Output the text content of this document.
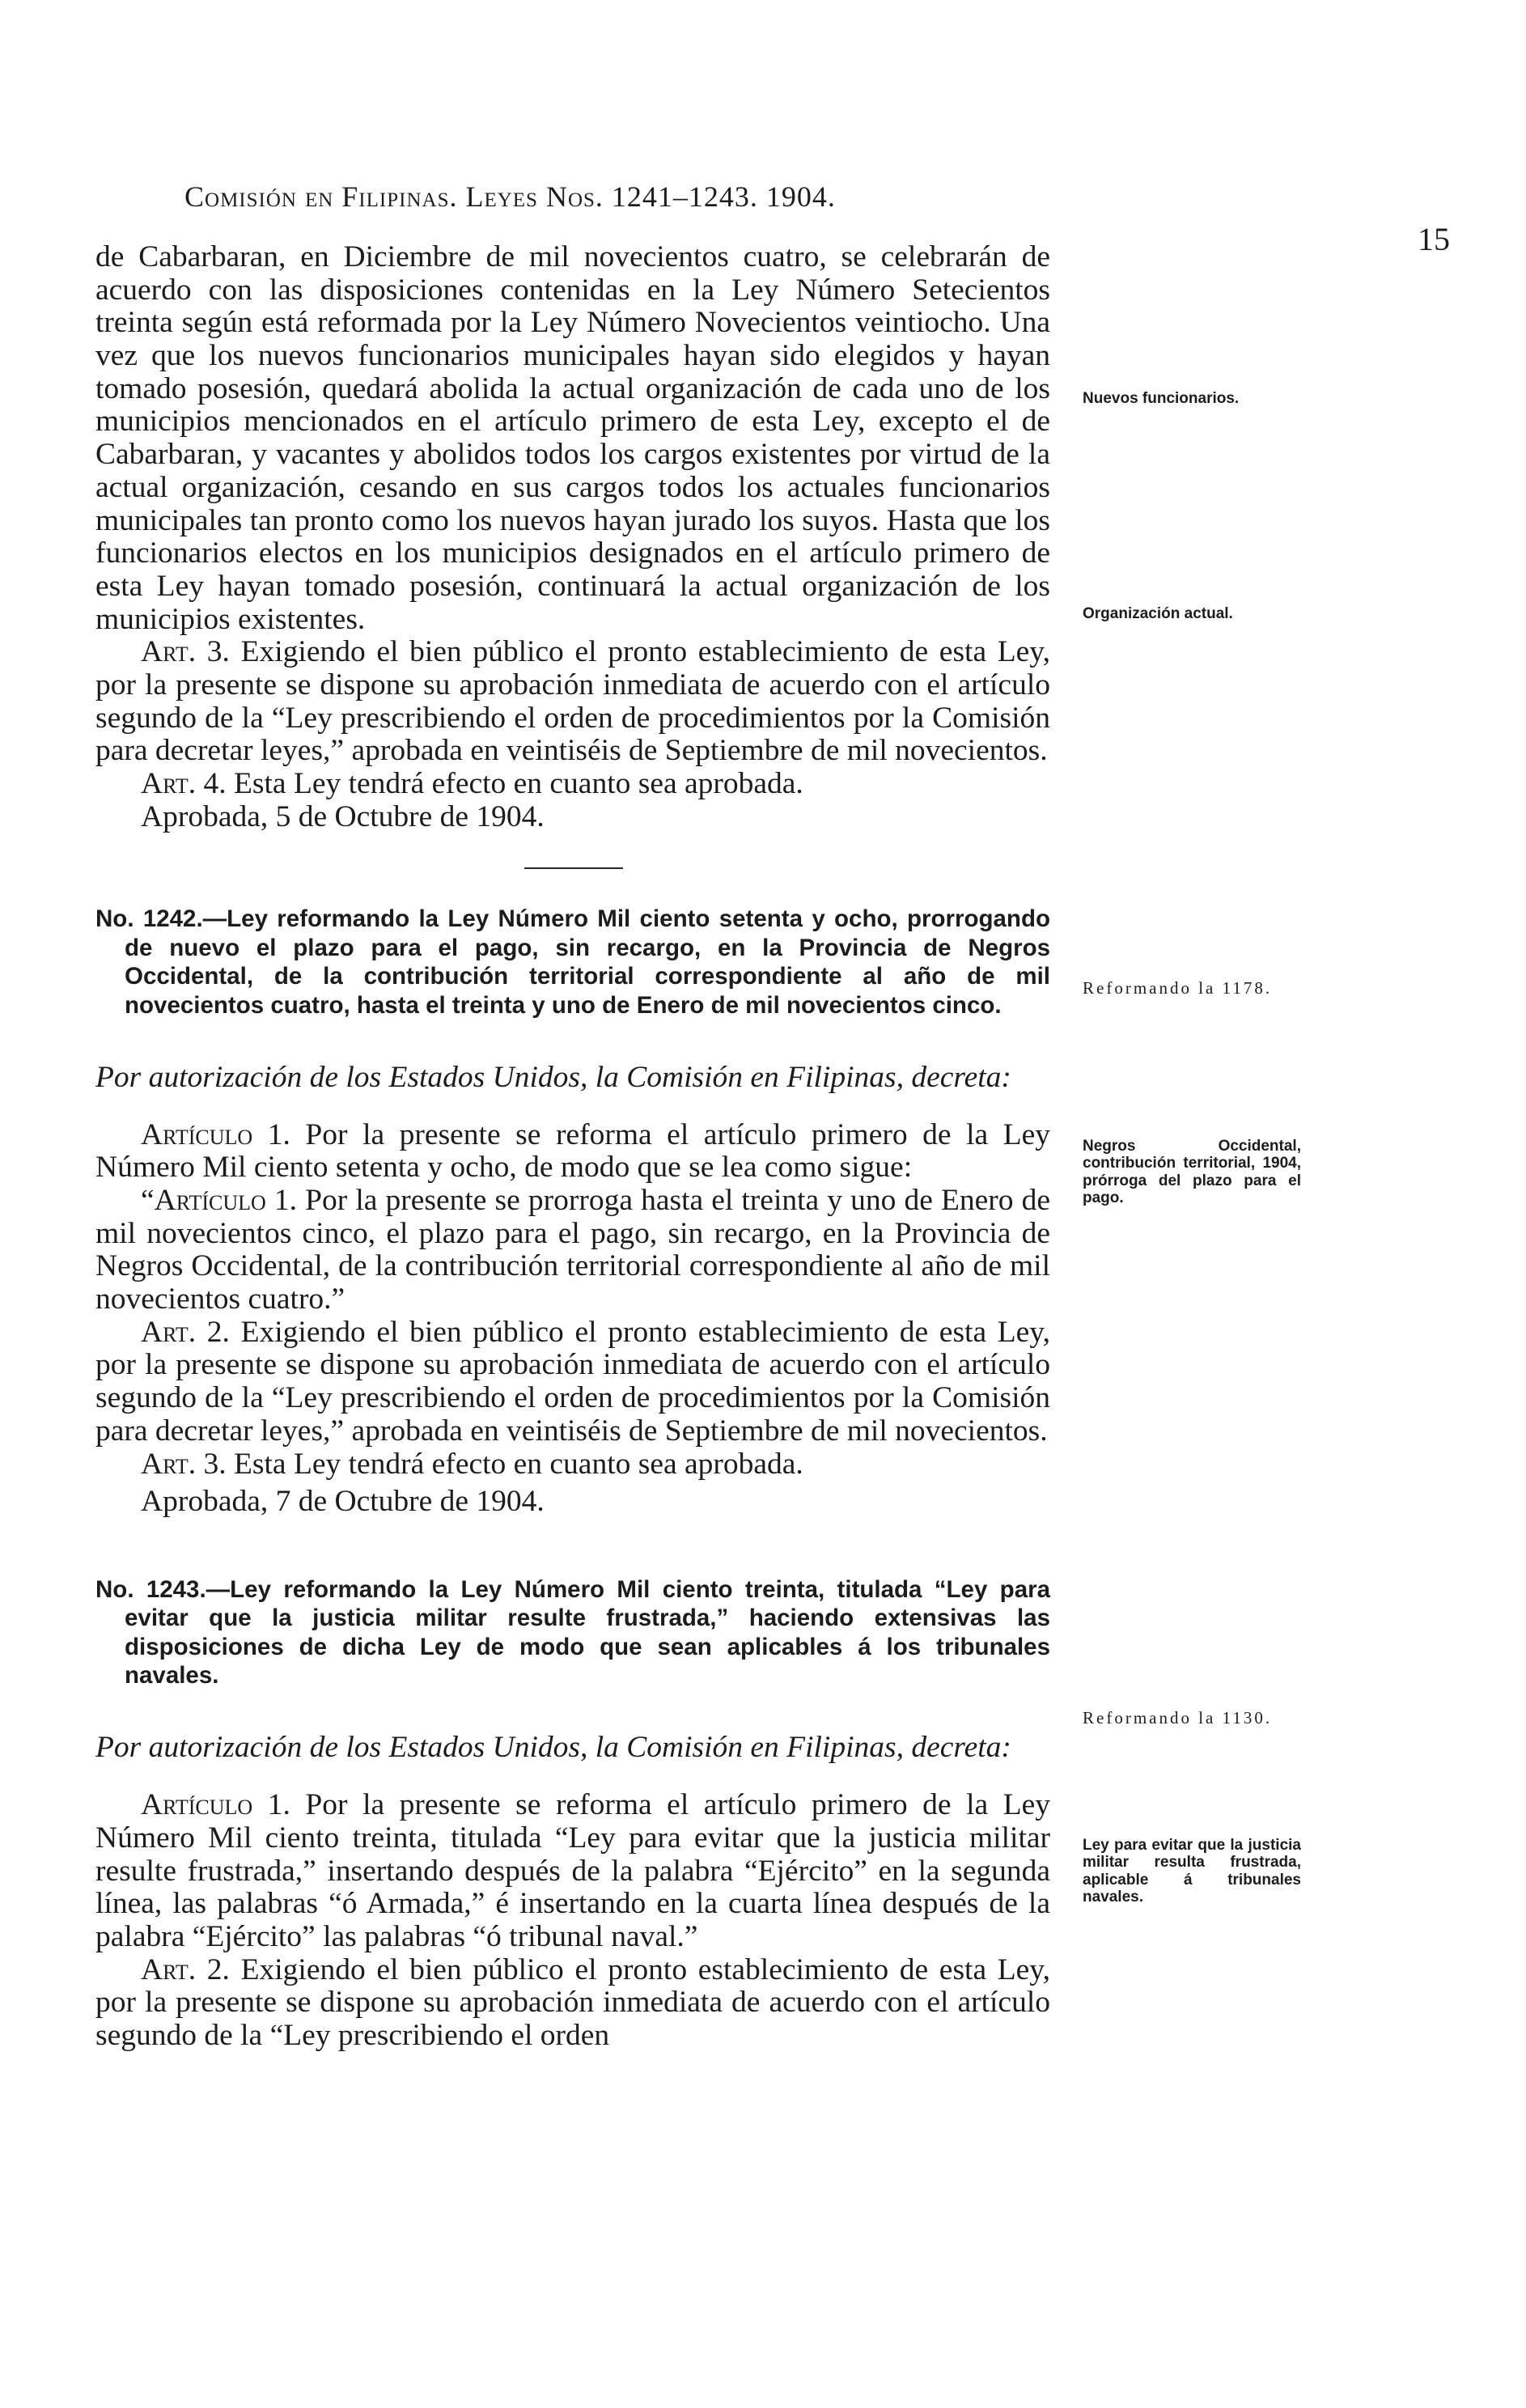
Comisión en Filipinas. Leyes Nos. 1241–1243. 1904.
15

de Cabarbaran, en Diciembre de mil novecientos cuatro, se celebrarán de acuerdo con las disposiciones contenidas en la Ley Número Setecientos treinta según está reformada por la Ley Número Novecientos veintiocho. Una vez que los nuevos funcionarios municipales hayan sido elegidos y hayan tomado posesión, quedará abolida la actual organización de cada uno de los municipios mencionados en el artículo primero de esta Ley, excepto el de Cabarbaran, y vacantes y abolidos todos los cargos existentes por virtud de la actual organización, cesando en sus cargos todos los actuales funcionarios municipales tan pronto como los nuevos hayan jurado los suyos. Hasta que los funcionarios electos en los municipios designados en el artículo primero de esta Ley hayan tomado posesión, continuará la actual organización de los municipios existentes.

Art. 3. Exigiendo el bien público el pronto establecimiento de esta Ley, por la presente se dispone su aprobación inmediata de acuerdo con el artículo segundo de la “Ley prescribiendo el orden de procedimientos por la Comisión para decretar leyes,” aprobada en veintiséis de Septiembre de mil novecientos.

Art. 4. Esta Ley tendrá efecto en cuanto sea aprobada.

Aprobada, 5 de Octubre de 1904.

No. 1242.—Ley reformando la Ley Número Mil ciento setenta y ocho, prorrogando de nuevo el plazo para el pago, sin recargo, en la Provincia de Negros Occidental, de la contribución territorial correspondiente al año de mil novecientos cuatro, hasta el treinta y uno de Enero de mil novecientos cinco.

Por autorización de los Estados Unidos, la Comisión en Filipinas, decreta:

Artículo 1. Por la presente se reforma el artículo primero de la Ley Número Mil ciento setenta y ocho, de modo que se lea como sigue:

“Artículo 1. Por la presente se prorroga hasta el treinta y uno de Enero de mil novecientos cinco, el plazo para el pago, sin recargo, en la Provincia de Negros Occidental, de la contribución territorial correspondiente al año de mil novecientos cuatro.”

Art. 2. Exigiendo el bien público el pronto establecimiento de esta Ley, por la presente se dispone su aprobación inmediata de acuerdo con el artículo segundo de la “Ley prescribiendo el orden de procedimientos por la Comisión para decretar leyes,” aprobada en veintiséis de Septiembre de mil novecientos.

Art. 3. Esta Ley tendrá efecto en cuanto sea aprobada.

Aprobada, 7 de Octubre de 1904.

No. 1243.—Ley reformando la Ley Número Mil ciento treinta, titulada “Ley para evitar que la justicia militar resulte frustrada,” haciendo extensivas las disposiciones de dicha Ley de modo que sean aplicables á los tribunales navales.

Por autorización de los Estados Unidos, la Comisión en Filipinas, decreta:

Artículo 1. Por la presente se reforma el artículo primero de la Ley Número Mil ciento treinta, titulada “Ley para evitar que la justicia militar resulte frustrada,” insertando después de la palabra “Ejército” en la segunda línea, las palabras “ó Armada,” é insertando en la cuarta línea después de la palabra “Ejército” las palabras “ó tribunal naval.”

Art. 2. Exigiendo el bien público el pronto establecimiento de esta Ley, por la presente se dispone su aprobación inmediata de acuerdo con el artículo segundo de la “Ley prescribiendo el orden

Nuevos funcionarios.
Organización actual.
Reformando la 1178.
Negros Occidental, contribución territorial, 1904, prórroga del plazo para el pago.
Reformando la 1130.
Ley para evitar que la justicia militar resulta frustrada, aplicable á tribunales navales.
